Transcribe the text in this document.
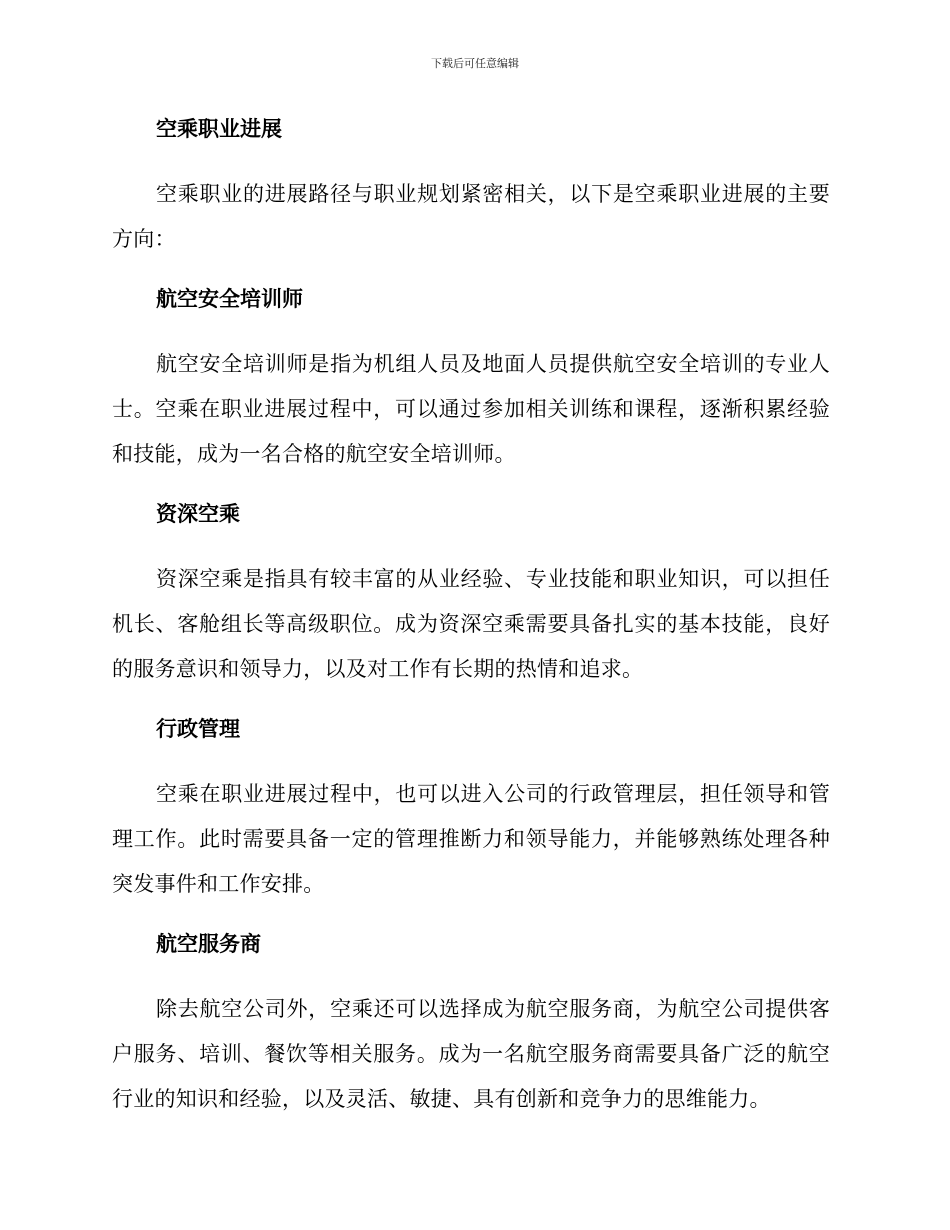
下载后可任意编辑
空乘职业进展

空乘职业的进展路径与职业规划紧密相关，以下是空乘职业进展的主要方向：

航空安全培训师

航空安全培训师是指为机组人员及地面人员提供航空安全培训的专业人士。空乘在职业进展过程中，可以通过参加相关训练和课程，逐渐积累经验和技能，成为一名合格的航空安全培训师。

资深空乘

资深空乘是指具有较丰富的从业经验、专业技能和职业知识，可以担任机长、客舱组长等高级职位。成为资深空乘需要具备扎实的基本技能，良好的服务意识和领导力，以及对工作有长期的热情和追求。

行政管理

空乘在职业进展过程中，也可以进入公司的行政管理层，担任领导和管理工作。此时需要具备一定的管理推断力和领导能力，并能够熟练处理各种突发事件和工作安排。

航空服务商

除去航空公司外，空乘还可以选择成为航空服务商，为航空公司提供客户服务、培训、餐饮等相关服务。成为一名航空服务商需要具备广泛的航空行业的知识和经验，以及灵活、敏捷、具有创新和竞争力的思维能力。
